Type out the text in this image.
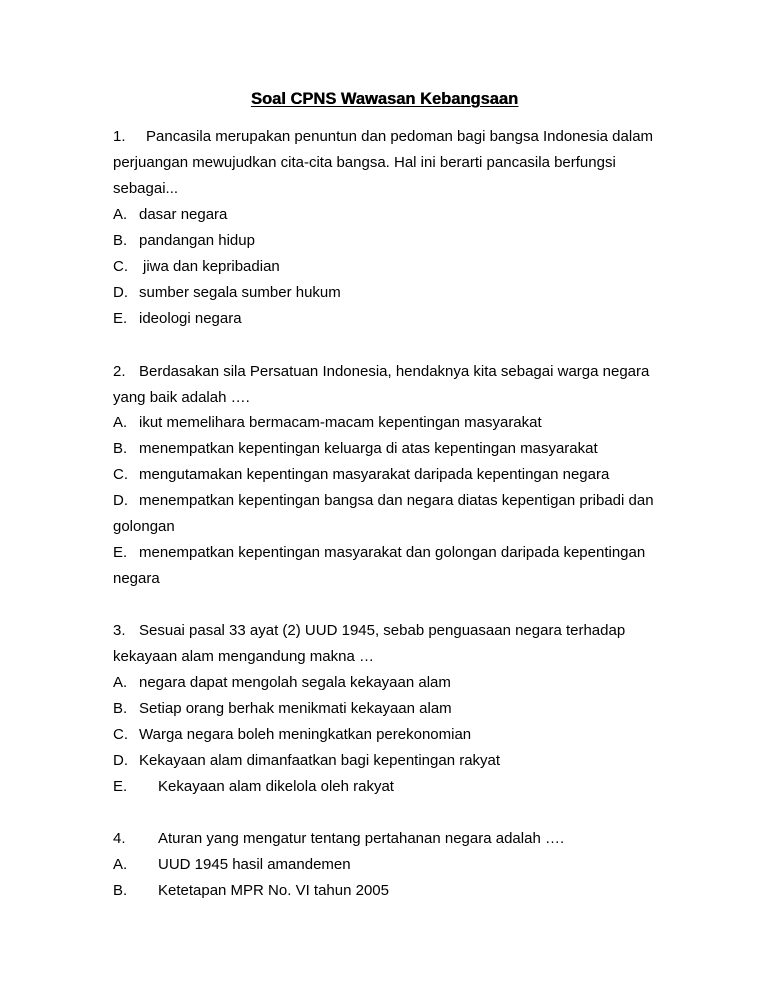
Soal CPNS Wawasan Kebangsaan
1. Pancasila merupakan penuntun dan pedoman bagi bangsa Indonesia dalam
perjuangan mewujudkan cita-cita bangsa. Hal ini berarti pancasila berfungsi
sebagai...
A. dasar negara
B. pandangan hidup
C. jiwa dan kepribadian
D. sumber segala sumber hukum
E. ideologi negara
2. Berdasakan sila Persatuan Indonesia, hendaknya kita sebagai warga negara
yang baik adalah ….
A. ikut memelihara bermacam-macam kepentingan masyarakat
B. menempatkan kepentingan keluarga di atas kepentingan masyarakat
C. mengutamakan kepentingan masyarakat daripada kepentingan negara
D. menempatkan kepentingan bangsa dan negara diatas kepentigan pribadi dan
golongan
E. menempatkan kepentingan masyarakat dan golongan daripada kepentingan
negara
3. Sesuai pasal 33 ayat (2) UUD 1945, sebab penguasaan negara terhadap
kekayaan alam mengandung makna …
A. negara dapat mengolah segala kekayaan alam
B. Setiap orang berhak menikmati kekayaan alam
C. Warga negara boleh meningkatkan perekonomian
D. Kekayaan alam dimanfaatkan bagi kepentingan rakyat
E. Kekayaan alam dikelola oleh rakyat
4. Aturan yang mengatur tentang pertahanan negara adalah ….
A. UUD 1945 hasil amandemen
B. Ketetapan MPR No. VI tahun 2005
